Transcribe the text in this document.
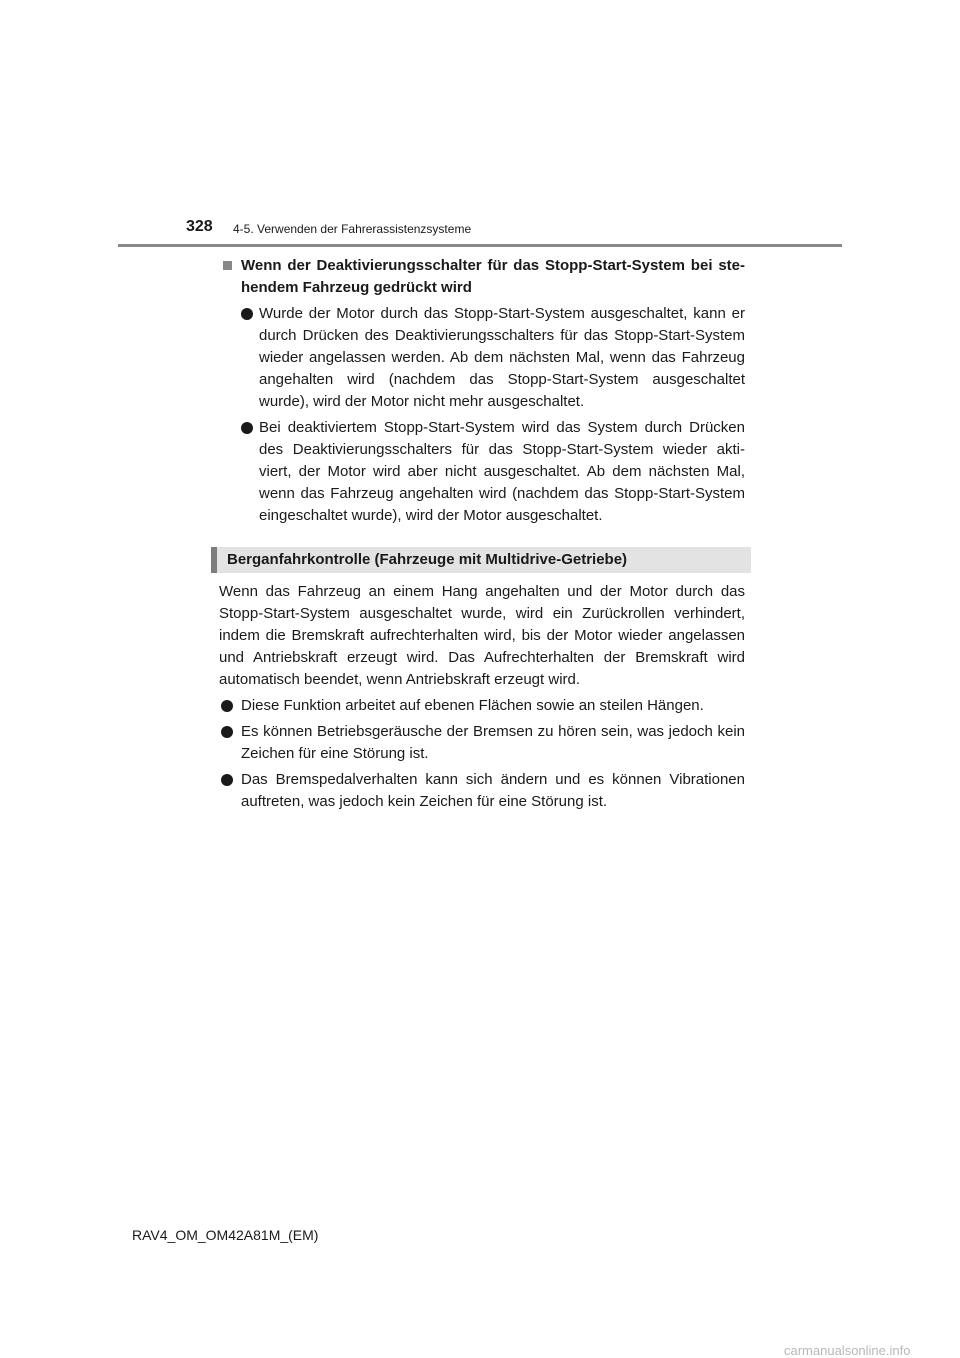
328 4-5. Verwenden der Fahrerassistenzsysteme
Wenn der Deaktivierungsschalter für das Stopp-Start-System bei ste-hendem Fahrzeug gedrückt wird
Wurde der Motor durch das Stopp-Start-System ausgeschaltet, kann er durch Drücken des Deaktivierungsschalters für das Stopp-Start-System wieder angelassen werden. Ab dem nächsten Mal, wenn das Fahrzeug angehalten wird (nachdem das Stopp-Start-System ausgeschaltet wurde), wird der Motor nicht mehr ausgeschaltet.
Bei deaktiviertem Stopp-Start-System wird das System durch Drücken des Deaktivierungsschalters für das Stopp-Start-System wieder akti-viert, der Motor wird aber nicht ausgeschaltet. Ab dem nächsten Mal, wenn das Fahrzeug angehalten wird (nachdem das Stopp-Start-System eingeschaltet wurde), wird der Motor ausgeschaltet.
Berganfahrkontrolle (Fahrzeuge mit Multidrive-Getriebe)
Wenn das Fahrzeug an einem Hang angehalten und der Motor durch das Stopp-Start-System ausgeschaltet wurde, wird ein Zurückrollen verhindert, indem die Bremskraft aufrechterhalten wird, bis der Motor wieder angelassen und Antriebskraft erzeugt wird. Das Aufrechterhalten der Bremskraft wird automatisch beendet, wenn Antriebskraft erzeugt wird.
Diese Funktion arbeitet auf ebenen Flächen sowie an steilen Hängen.
Es können Betriebsgeräusche der Bremsen zu hören sein, was jedoch kein Zeichen für eine Störung ist.
Das Bremspedalverhalten kann sich ändern und es können Vibrationen auftreten, was jedoch kein Zeichen für eine Störung ist.
RAV4_OM_OM42A81M_(EM)
carmanualsonline.info
